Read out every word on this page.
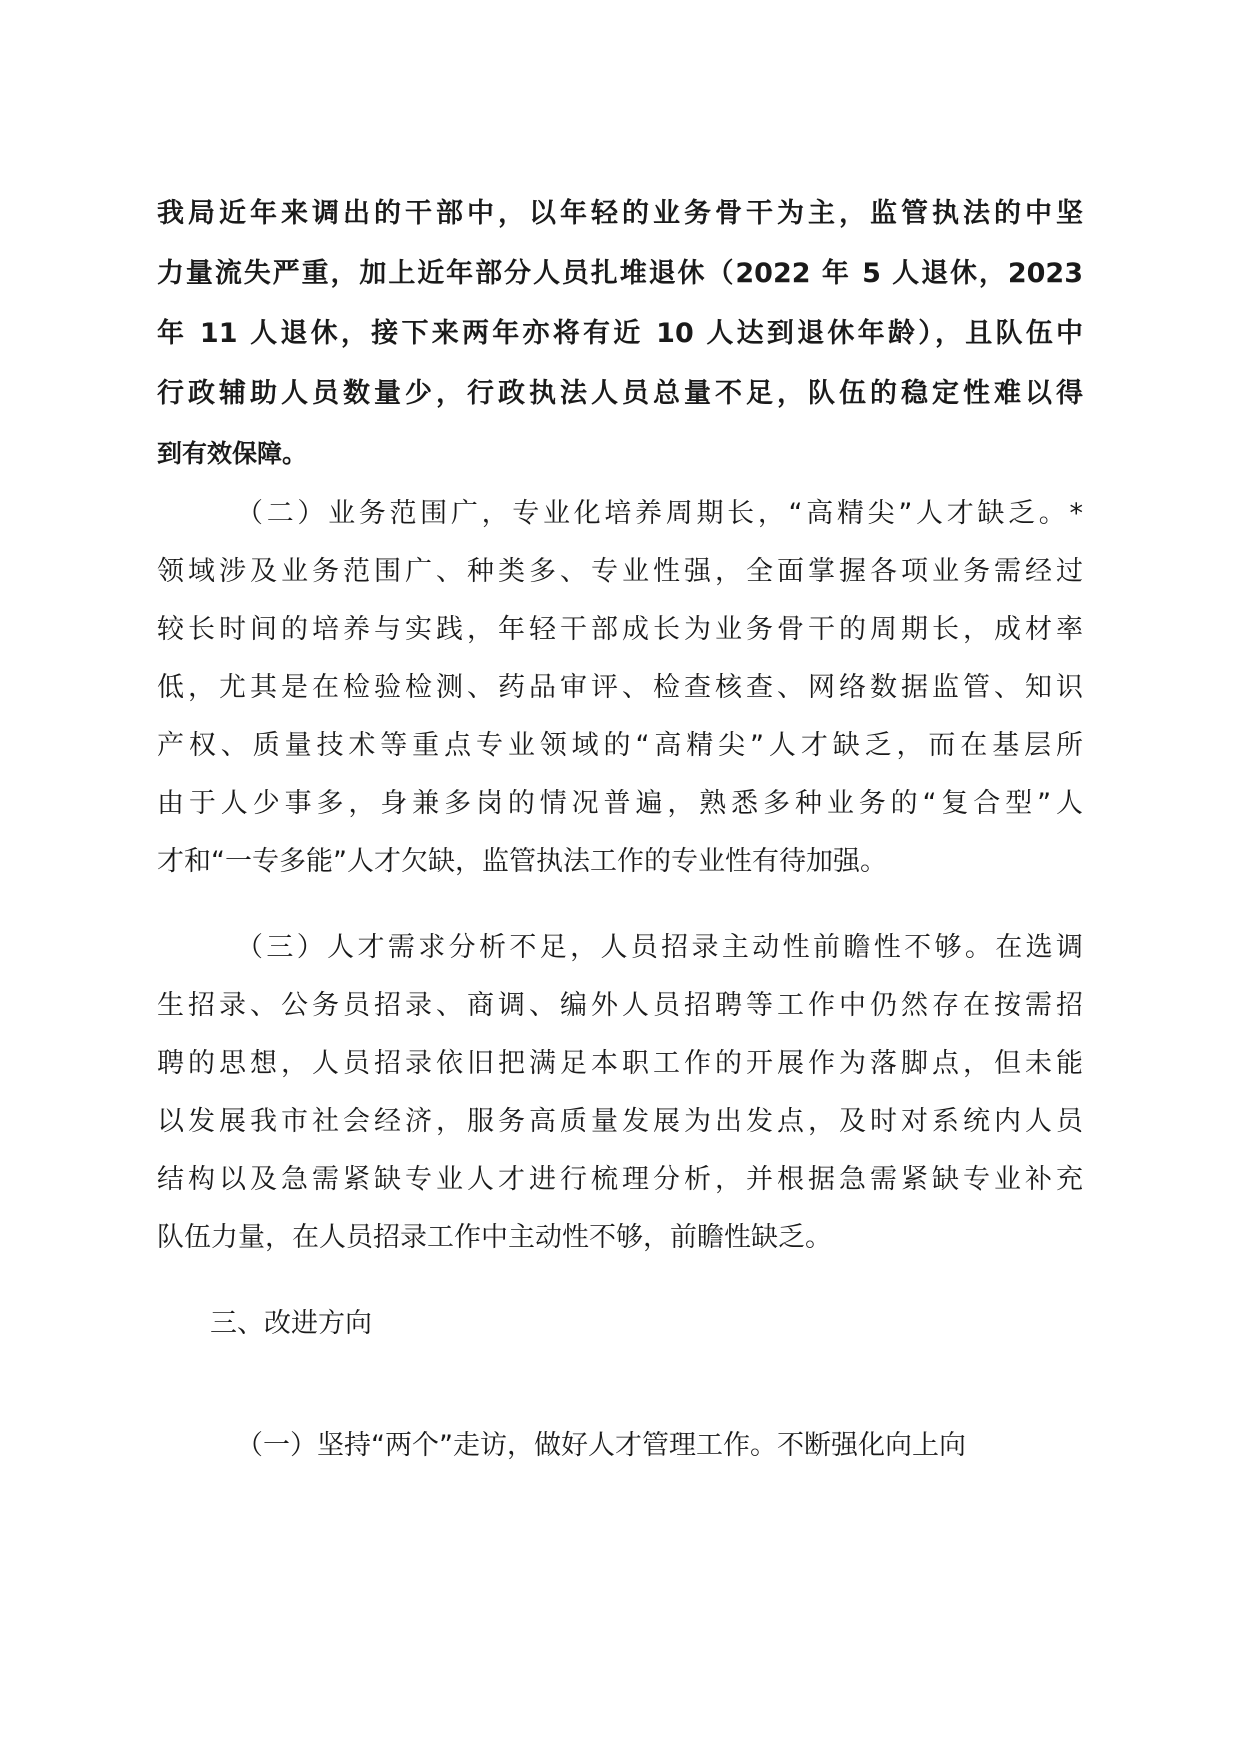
我局近年来调出的干部中，以年轻的业务骨干为主，监管执法的中坚
力量流失严重，加上近年部分人员扎堆退休（2022 年 5 人退休，2023
年 11 人退休，接下来两年亦将有近 10 人达到退休年龄），且队伍中
行政辅助人员数量少，行政执法人员总量不足，队伍的稳定性难以得
到有效保障。
（二）业务范围广，专业化培养周期长，“高精尖”人才缺乏。*
领域涉及业务范围广、种类多、专业性强，全面掌握各项业务需经过
较长时间的培养与实践，年轻干部成长为业务骨干的周期长，成材率
低，尤其是在检验检测、药品审评、检查核查、网络数据监管、知识
产权、质量技术等重点专业领域的“高精尖”人才缺乏，而在基层所
由于人少事多，身兼多岗的情况普遍，熟悉多种业务的“复合型”人
才和“一专多能”人才欠缺，监管执法工作的专业性有待加强。
（三）人才需求分析不足，人员招录主动性前瞻性不够。在选调
生招录、公务员招录、商调、编外人员招聘等工作中仍然存在按需招
聘的思想，人员招录依旧把满足本职工作的开展作为落脚点，但未能
以发展我市社会经济，服务高质量发展为出发点，及时对系统内人员
结构以及急需紧缺专业人才进行梳理分析，并根据急需紧缺专业补充
队伍力量，在人员招录工作中主动性不够，前瞻性缺乏。
三、改进方向
（一）坚持“两个”走访，做好人才管理工作。不断强化向上向
